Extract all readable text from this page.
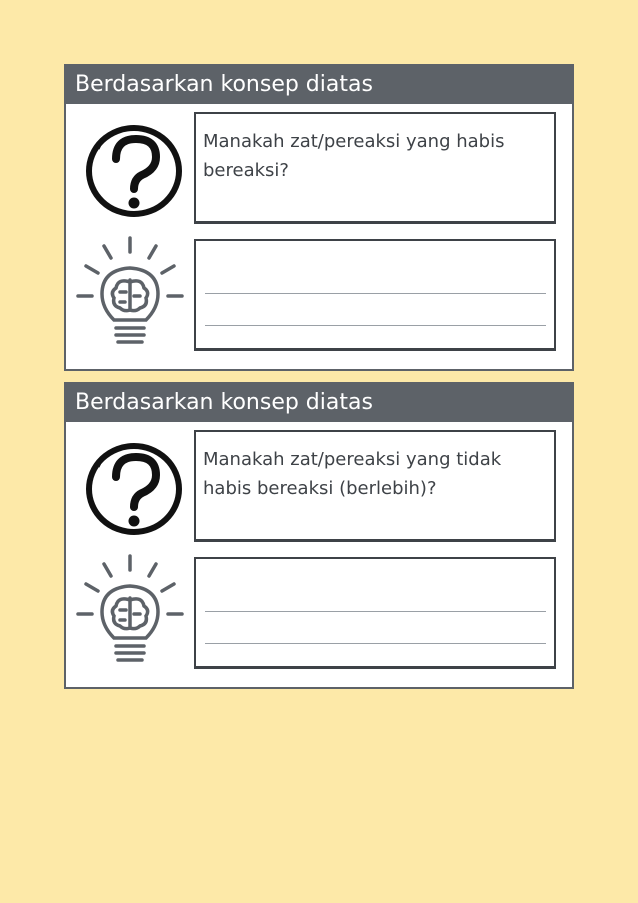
Berdasarkan konsep diatas

Manakah zat/pereaksi yang habis bereaksi?

Berdasarkan konsep diatas

Manakah zat/pereaksi yang tidak habis bereaksi (berlebih)?
